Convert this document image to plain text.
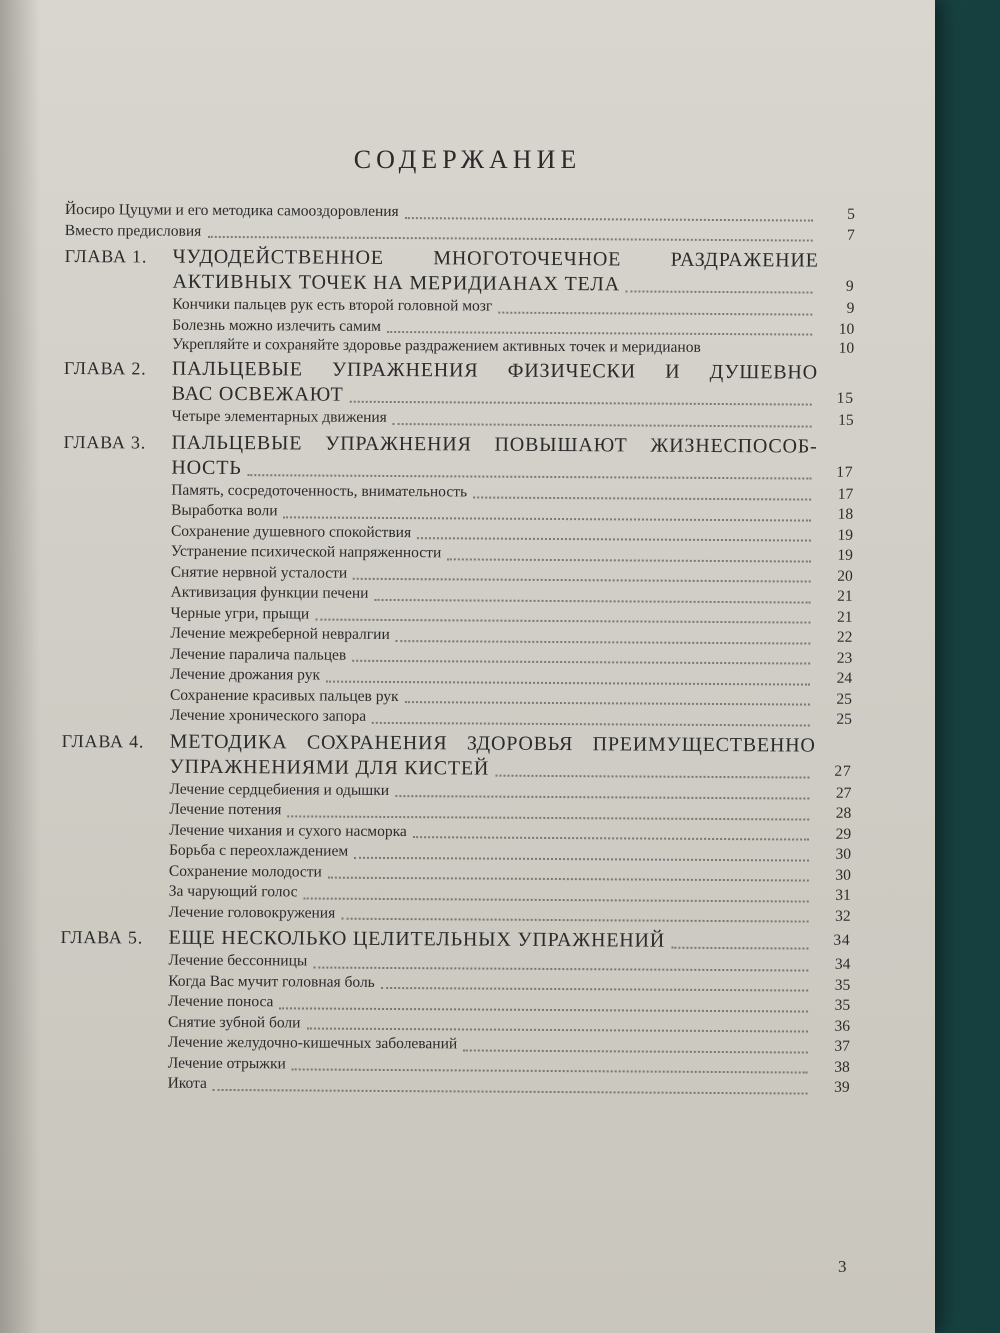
СОДЕРЖАНИЕ
Йосиро Цуцуми и его методика самооздоровления	5
Вместо предисловия	7
ГЛАВА 1.	ЧУДОДЕЙСТВЕННОЕ МНОГОТОЧЕЧНОЕ РАЗДРАЖЕНИЕ
АКТИВНЫХ ТОЧЕК НА МЕРИДИАНАХ ТЕЛА	9
Кончики пальцев рук есть второй головной мозг	9
Болезнь можно излечить самим	10
Укрепляйте и сохраняйте здоровье раздражением активных точек и меридианов	10
ГЛАВА 2.	ПАЛЬЦЕВЫЕ УПРАЖНЕНИЯ ФИЗИЧЕСКИ И ДУШЕВНО
ВАС ОСВЕЖАЮТ	15
Четыре элементарных движения	15
ГЛАВА 3.	ПАЛЬЦЕВЫЕ УПРАЖНЕНИЯ ПОВЫШАЮТ ЖИЗНЕСПОСОБ-
НОСТЬ	17
Память, сосредоточенность, внимательность	17
Выработка воли	18
Сохранение душевного спокойствия	19
Устранение психической напряженности	19
Снятие нервной усталости	20
Активизация функции печени	21
Черные угри, прыщи	21
Лечение межреберной невралгии	22
Лечение паралича пальцев	23
Лечение дрожания рук	24
Сохранение красивых пальцев рук	25
Лечение хронического запора	25
ГЛАВА 4.	МЕТОДИКА СОХРАНЕНИЯ ЗДОРОВЬЯ ПРЕИМУЩЕСТВЕННО
УПРАЖНЕНИЯМИ ДЛЯ КИСТЕЙ	27
Лечение сердцебиения и одышки	27
Лечение потения	28
Лечение чихания и сухого насморка	29
Борьба с переохлаждением	30
Сохранение молодости	30
За чарующий голос	31
Лечение головокружения	32
ГЛАВА 5.	ЕЩЕ НЕСКОЛЬКО ЦЕЛИТЕЛЬНЫХ УПРАЖНЕНИЙ	34
Лечение бессонницы	34
Когда Вас мучит головная боль	35
Лечение поноса	35
Снятие зубной боли	36
Лечение желудочно-кишечных заболеваний	37
Лечение отрыжки	38
Икота	39
3
